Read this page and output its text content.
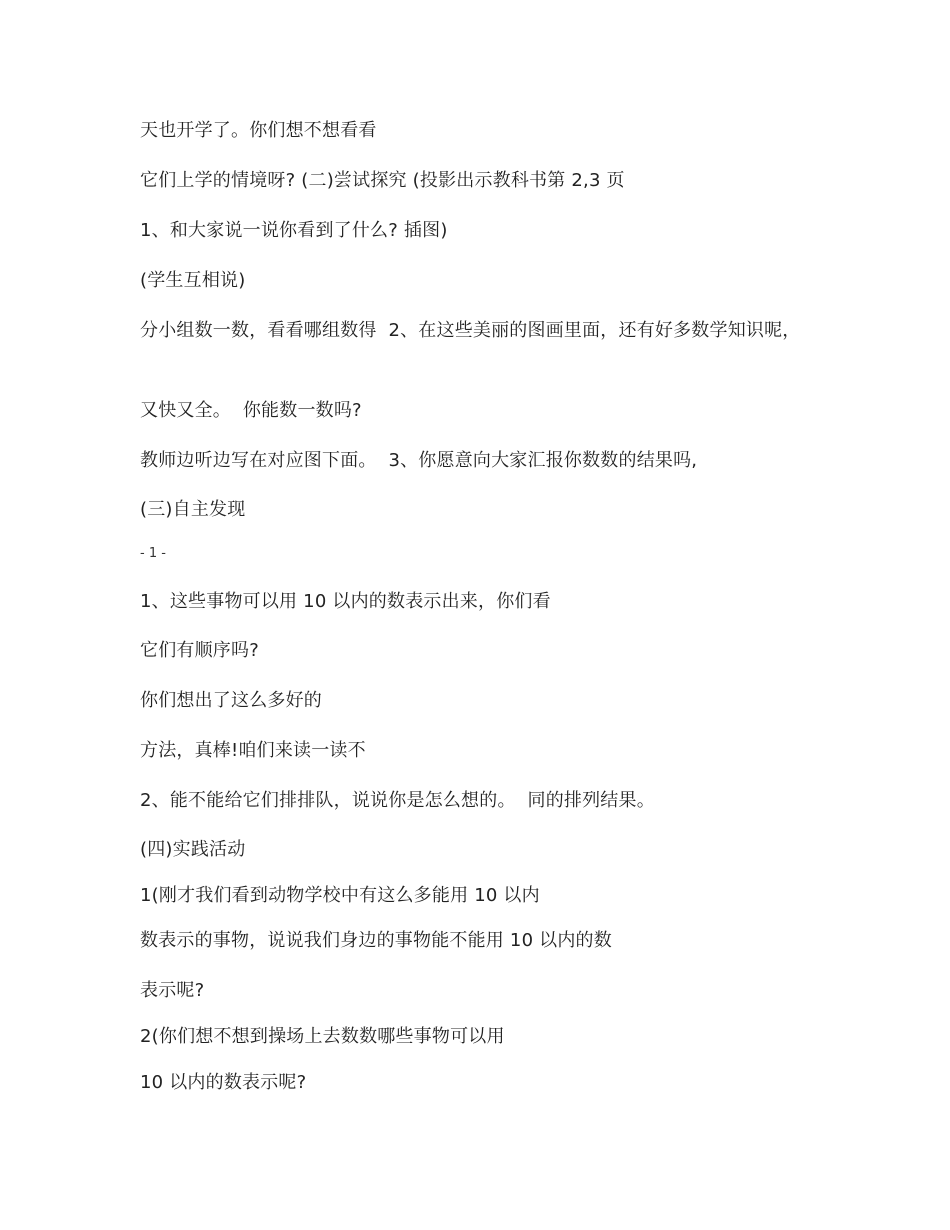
天也开学了。你们想不想看看
它们上学的情境呀? (二)尝试探究 (投影出示教科书第 2,3 页
1、和大家说一说你看到了什么? 插图)
(学生互相说)
分小组数一数，看看哪组数得  2、在这些美丽的图画里面，还有好多数学知识呢，
又快又全。  你能数一数吗?
教师边听边写在对应图下面。  3、你愿意向大家汇报你数数的结果吗,
(三)自主发现
- 1 -
1、这些事物可以用 10 以内的数表示出来，你们看
它们有顺序吗?
你们想出了这么多好的
方法，真棒!咱们来读一读不
2、能不能给它们排排队，说说你是怎么想的。  同的排列结果。
(四)实践活动
1(刚才我们看到动物学校中有这么多能用 10 以内
数表示的事物，说说我们身边的事物能不能用 10 以内的数
表示呢?
2(你们想不想到操场上去数数哪些事物可以用
10 以内的数表示呢?
